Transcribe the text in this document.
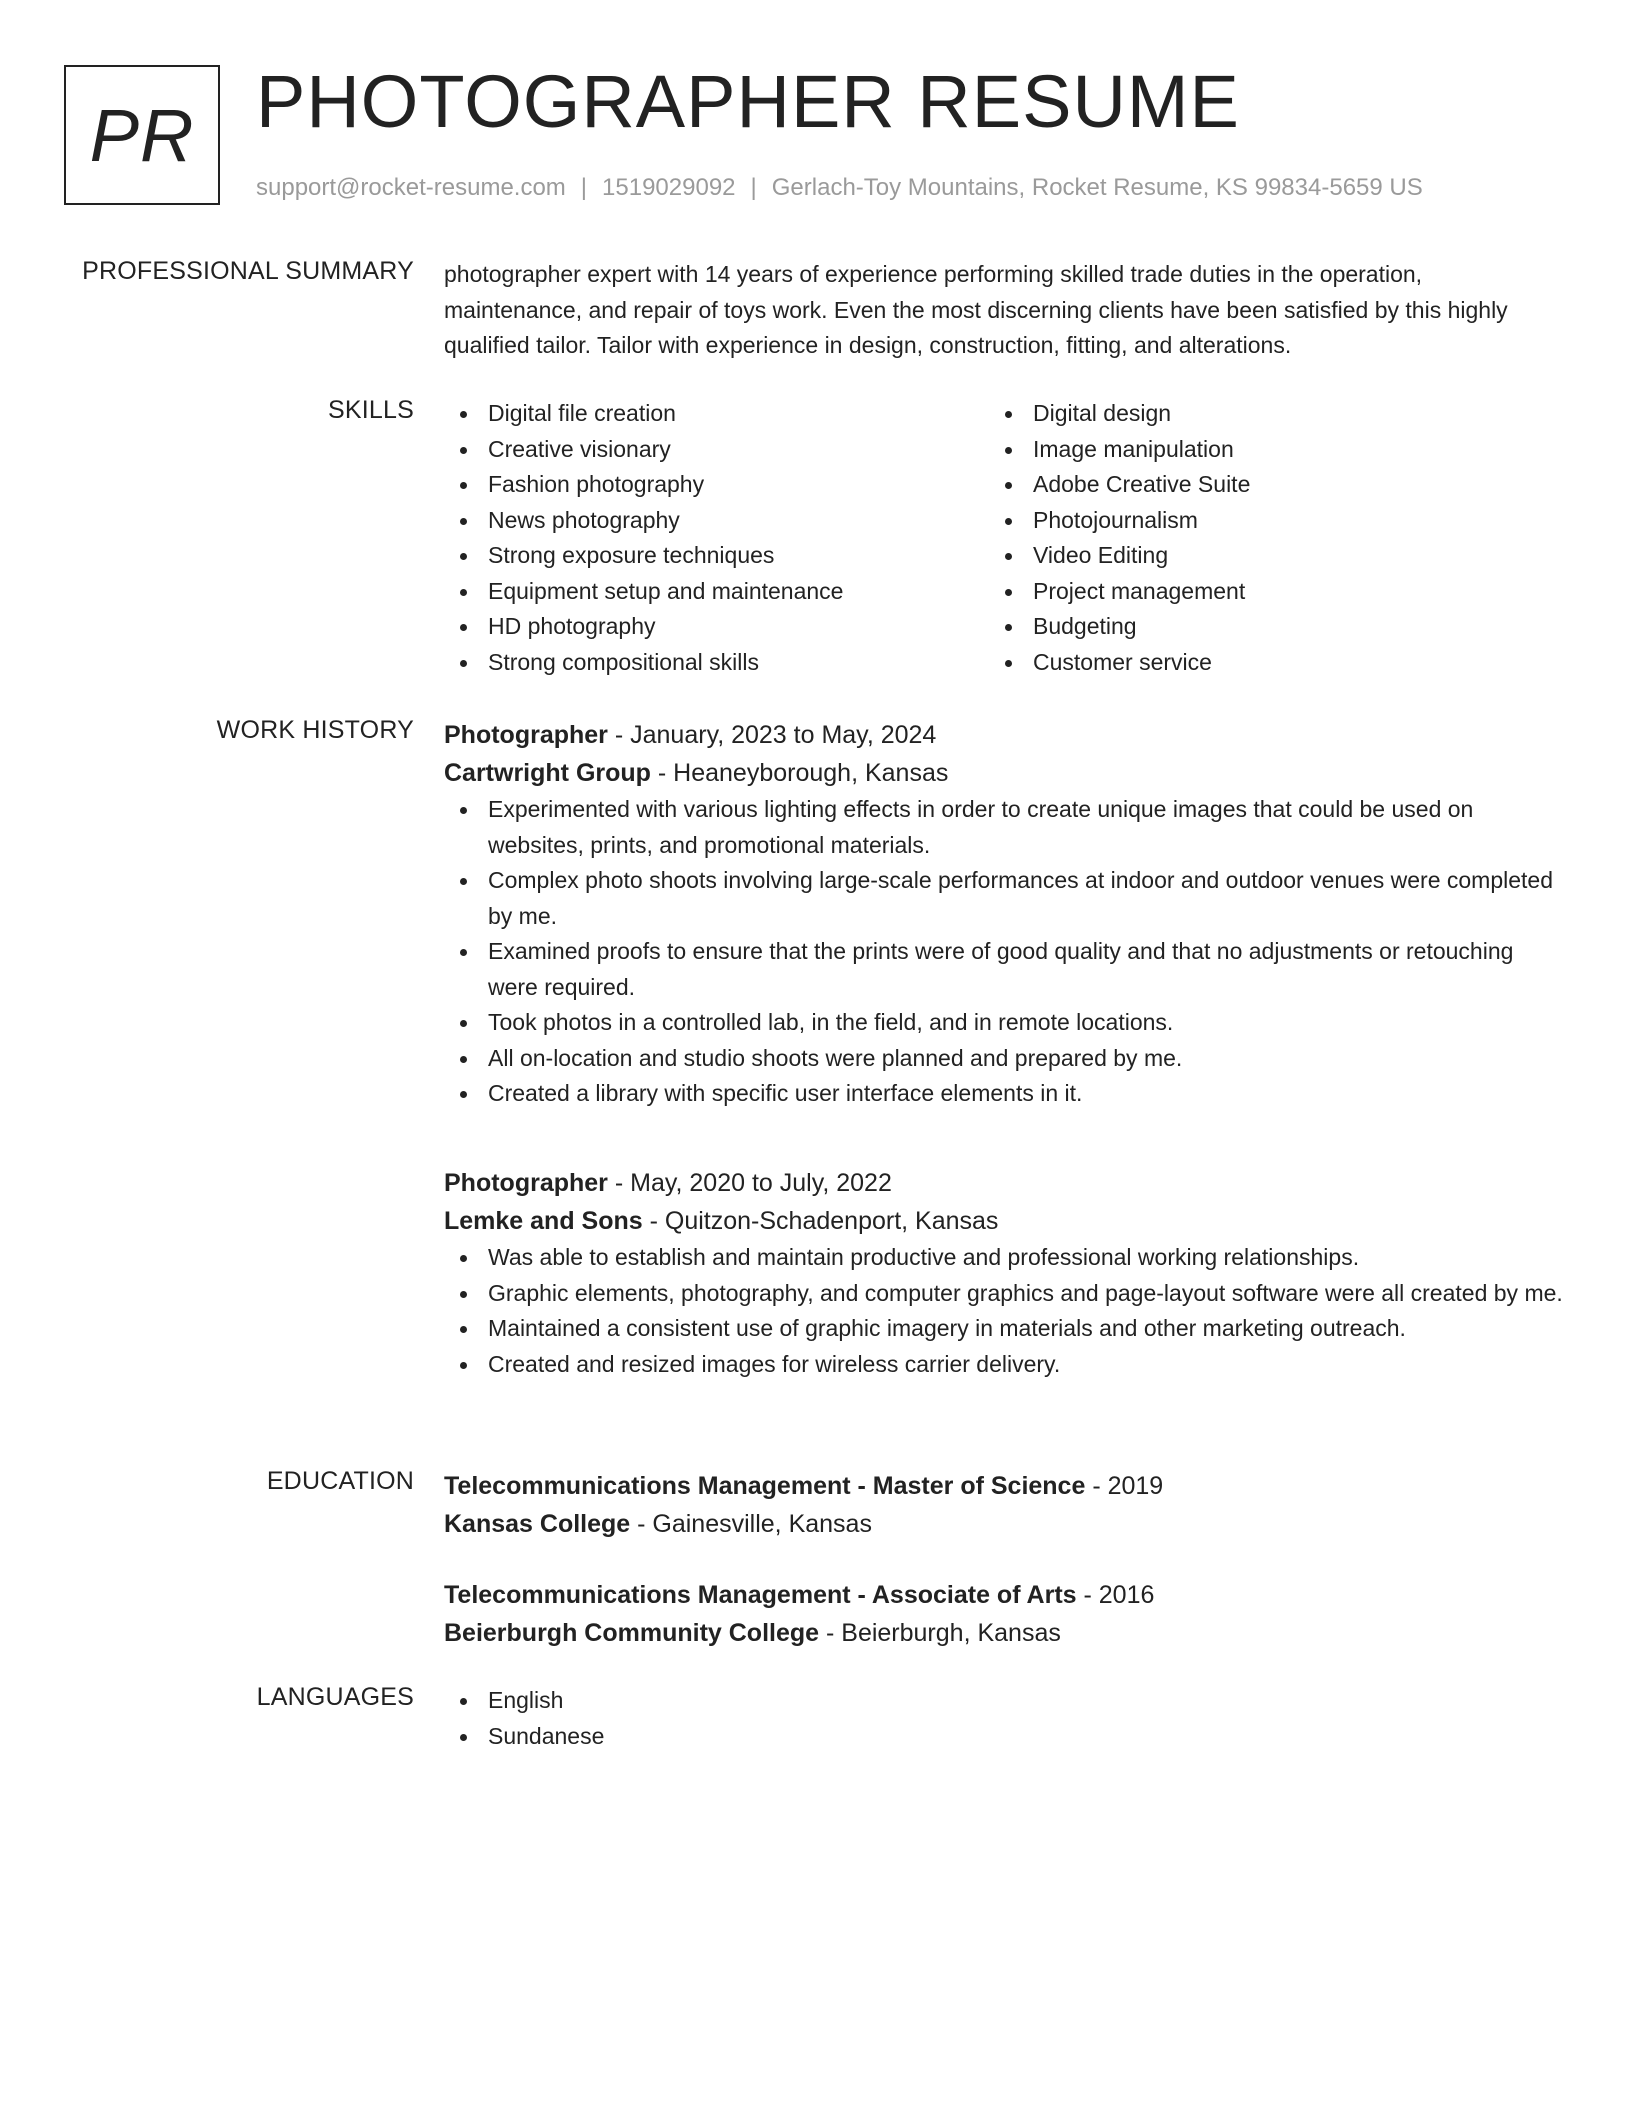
PR PHOTOGRAPHER RESUME
support@rocket-resume.com | 1519029092 | Gerlach-Toy Mountains, Rocket Resume, KS 99834-5659 US
PROFESSIONAL SUMMARY photographer expert with 14 years of experience performing skilled trade duties in the operation, maintenance, and repair of toys work. Even the most discerning clients have been satisfied by this highly qualified tailor. Tailor with experience in design, construction, fitting, and alterations.

SKILLS	Digital file creation
Creative visionary
Fashion photography
News photography
Strong exposure techniques
Equipment setup and maintenance
HD photography
Strong compositional skills
Digital design
Image manipulation
Adobe Creative Suite
Photojournalism
Video Editing
Project management
Budgeting
Customer service
WORK HISTORY Photographer - January, 2023 to May, 2024
Cartwright Group - Heaneyborough, Kansas
Experimented with various lighting effects in order to create unique images that could be used on websites, prints, and promotional materials.
Complex photo shoots involving large-scale performances at indoor and outdoor venues were completed by me.
Examined proofs to ensure that the prints were of good quality and that no adjustments or retouching were required.
Took photos in a controlled lab, in the field, and in remote locations.
All on-location and studio shoots were planned and prepared by me.
Created a library with specific user interface elements in it.
Photographer - May, 2020 to July, 2022
Lemke and Sons - Quitzon-Schadenport, Kansas
Was able to establish and maintain productive and professional working relationships.
Graphic elements, photography, and computer graphics and page-layout software were all created by me.
Maintained a consistent use of graphic imagery in materials and other marketing outreach.
Created and resized images for wireless carrier delivery.
EDUCATION Telecommunications Management - Master of Science - 2019
Kansas College - Gainesville, Kansas
Telecommunications Management - Associate of Arts - 2016
Beierburgh Community College - Beierburgh, Kansas
LANGUAGES	English
Sundanese
